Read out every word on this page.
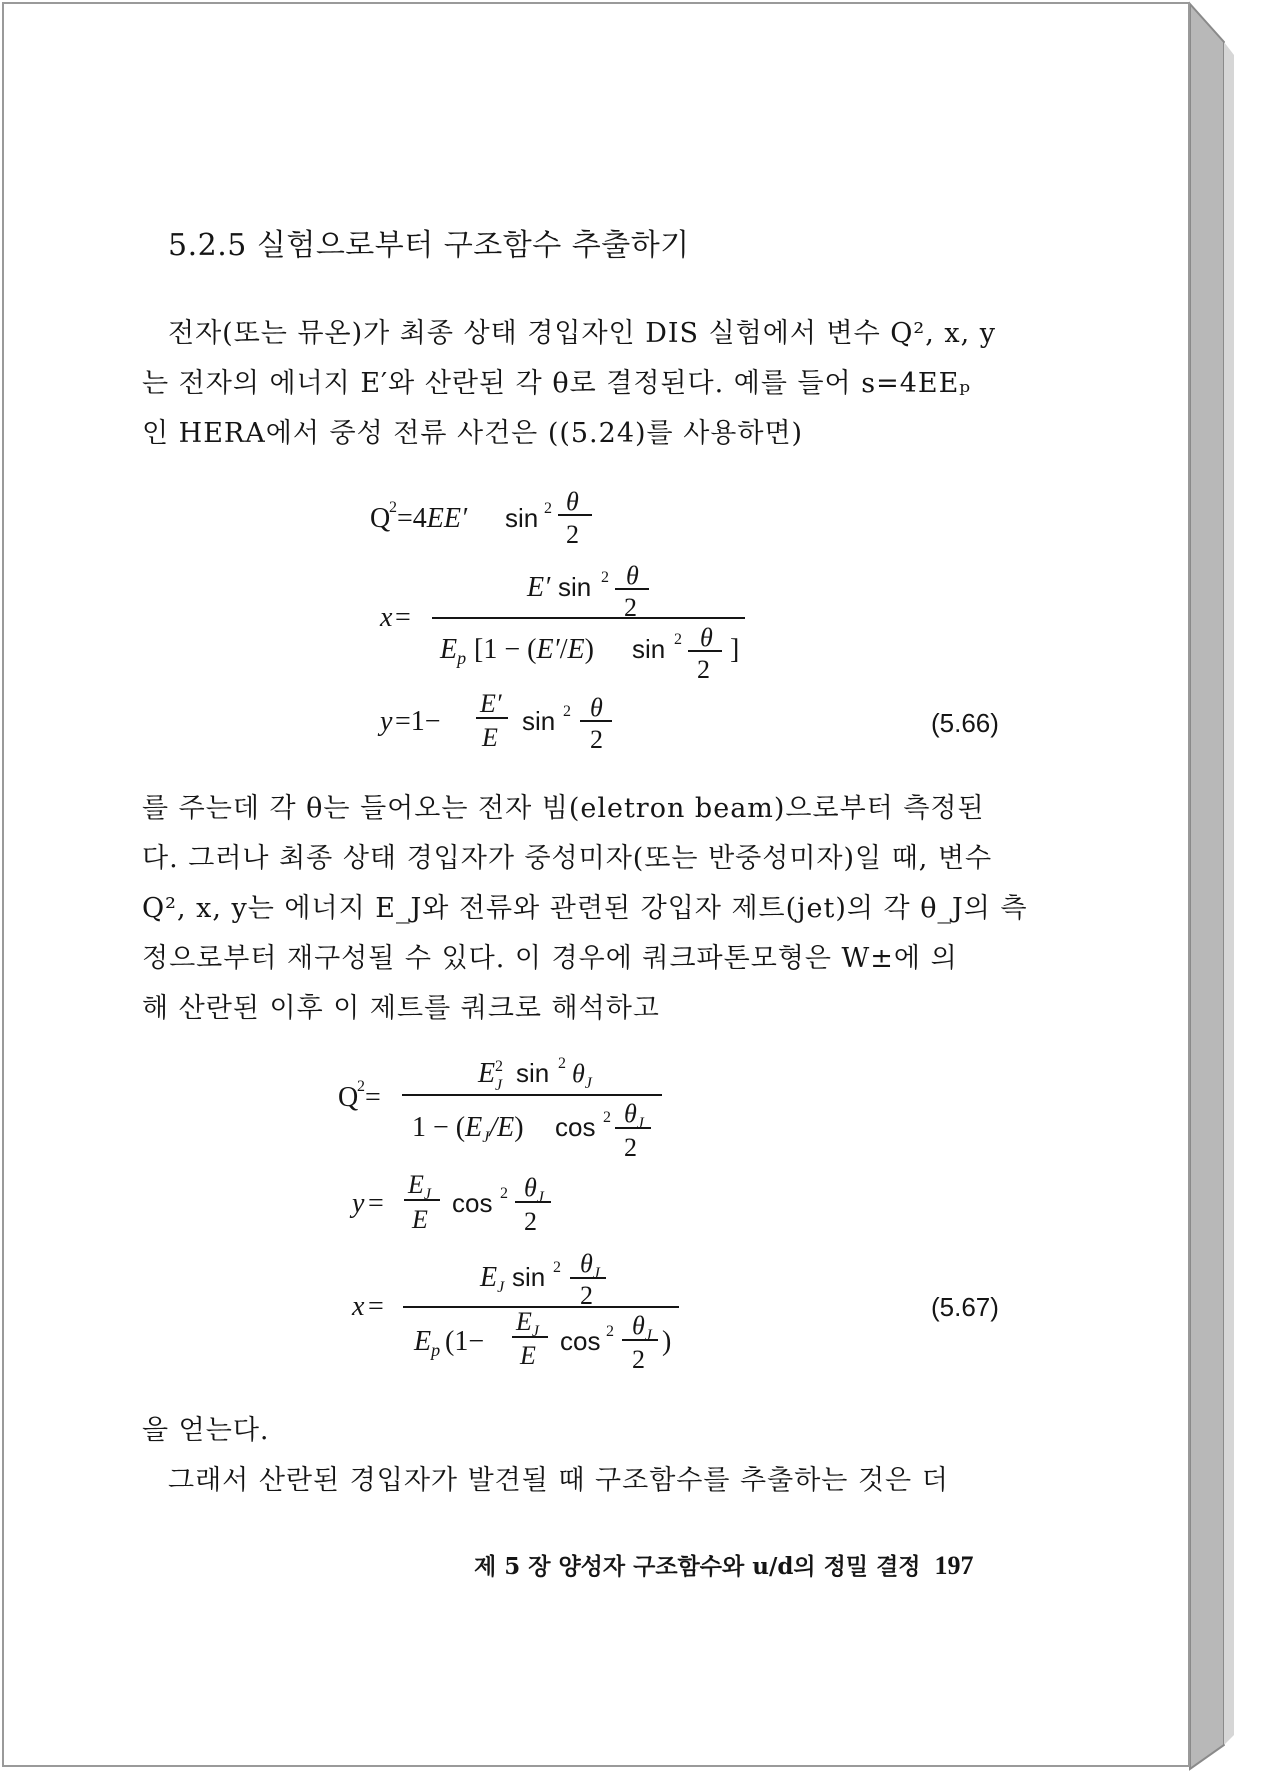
5.2.5 실험으로부터 구조함수 추출하기
전자(또는 뮤온)가 최종 상태 경입자인 DIS 실험에서 변수 Q², x, y
는 전자의 에너지 E′와 산란된 각 θ로 결정된다. 예를 들어 s=4EEₚ
인 HERA에서 중성 전류 사건은 ((5.24)를 사용하면)
Q
2 =4EE′ sin 2 θ
2
x =
E′ sin 2 θ
2
$E_p$ [1 − (E′/E) sin 2 θ
2
]
y =1−
E′
E
sin 2 θ
2
(5.66)
를 주는데 각 θ는 들어오는 전자 빔(eletron beam)으로부터 측정된
다. 그러나 최종 상태 경입자가 중성미자(또는 반중성미자)일 때, 변수
Q², x, y는 에너지 E_J와 전류와 관련된 강입자 제트(jet)의 각 θ_J의 측
정으로부터 재구성될 수 있다. 이 경우에 쿼크파톤모형은 W±에 의
해 산란된 이후 이 제트를 쿼크로 해석하고
Q
2 =
E 2
J sin 2 $\theta_J$
$1 - (E_J/E)$ cos 2 $\theta_J$
2
y =
$E_J$
E
cos 2 $\theta_J$
2
x =
$E_J$ sin 2 $\theta_J$
2
$E_p$ (1−
$E_J$
E cos 2 $\theta_J$
2
)
(5.67)
을 얻는다.
그래서 산란된 경입자가 발견될 때 구조함수를 추출하는 것은 더
제 5 장 양성자 구조함수와 u/d의 정밀 결정 197
